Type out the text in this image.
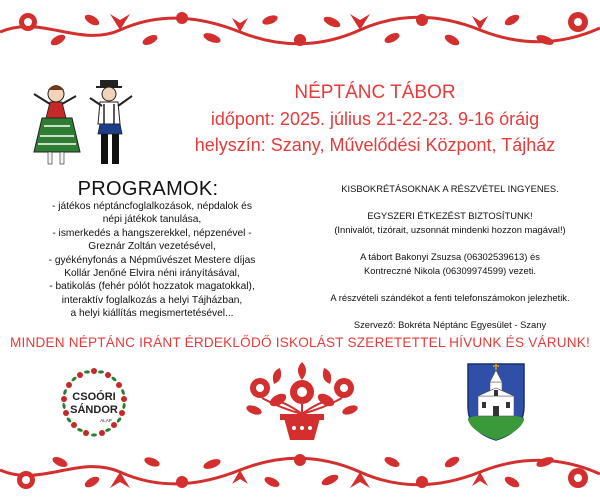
NÉPTÁNC TÁBOR
időpont: 2025. július 21-22-23. 9-16 óráig
helyszín: Szany, Művelődési Központ, Tájház
PROGRAMOK:
- játékos néptáncfoglalkozások, népdalok és
népi játékok tanulása,
- ismerkedés a hangszerekkel, népzenével -
Greznár Zoltán vezetésével,
- gyékényfonás a Népművészet Mestere díjas
Kollár Jenőné Elvira néni irányításával,
- batikolás (fehér pólót hozzatok magatokkal),
interaktív foglalkozás a helyi Tájházban,
a helyi kiállítás megismertetésével...
KISBOKRÉTÁSOKNAK A RÉSZVÉTEL INGYENES.
EGYSZERI ÉTKEZÉST BIZTOSÍTUNK!
(Innivalót, tízórait, uzsonnát mindenki hozzon magával!)
A tábort Bakonyi Zsuzsa (06302539613) és
Kontreczné Nikola (06309974599) vezeti.
A részvételi szándékot a fenti telefonszámokon jelezhetik.
Szervező: Bokréta Néptánc Egyesület - Szany
MINDEN NÉPTÁNC IRÁNT ÉRDEKLŐDŐ ISKOLÁST SZERETETTEL HÍVUNK ÉS VÁRUNK!
CSOÓRI
SÁNDOR
ALAP
